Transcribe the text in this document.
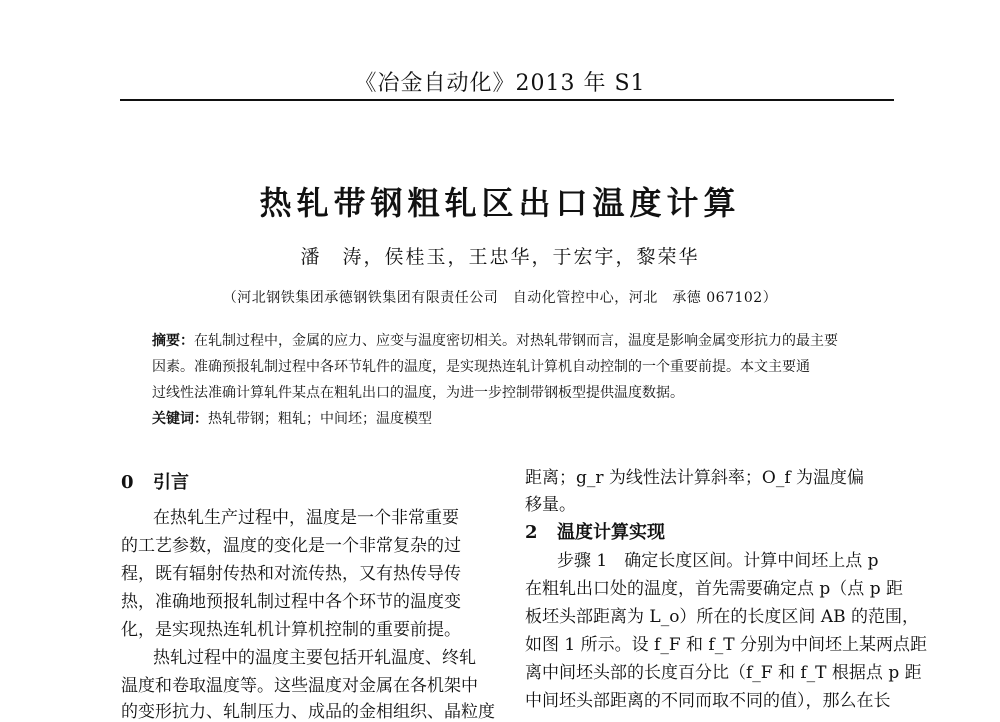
《冶金自动化》2013 年 S1
热轧带钢粗轧区出口温度计算
潘　涛，侯桂玉，王忠华，于宏宇，黎荣华
（河北钢铁集团承德钢铁集团有限责任公司　自动化管控中心，河北　承德 067102）
摘要：在轧制过程中，金属的应力、应变与温度密切相关。对热轧带钢而言，温度是影响金属变形抗力的最主要
因素。准确预报轧制过程中各环节轧件的温度，是实现热连轧计算机自动控制的一个重要前提。本文主要通
过线性法准确计算轧件某点在粗轧出口的温度，为进一步控制带钢板型提供温度数据。
关键词：热轧带钢；粗轧；中间坯；温度模型
0 引言
在热轧生产过程中，温度是一个非常重要
的工艺参数，温度的变化是一个非常复杂的过
程，既有辐射传热和对流传热，又有热传导传
热，准确地预报轧制过程中各个环节的温度变
化，是实现热连轧机计算机控制的重要前提。
热轧过程中的温度主要包括开轧温度、终轧
温度和卷取温度等。这些温度对金属在各机架中
的变形抗力、轧制压力、成品的金相组织、晶粒度
距离；g_r 为线性法计算斜率；O_f 为温度偏
移量。
2 温度计算实现
步骤 1　确定长度区间。计算中间坯上点 p
在粗轧出口处的温度，首先需要确定点 p（点 p 距
板坯头部距离为 L_o）所在的长度区间 AB 的范围，
如图 1 所示。设 f_F 和 f_T 分别为中间坯上某两点距
离中间坯头部的长度百分比（f_F 和 f_T 根据点 p 距
中间坯头部距离的不同而取不同的值），那么在长
